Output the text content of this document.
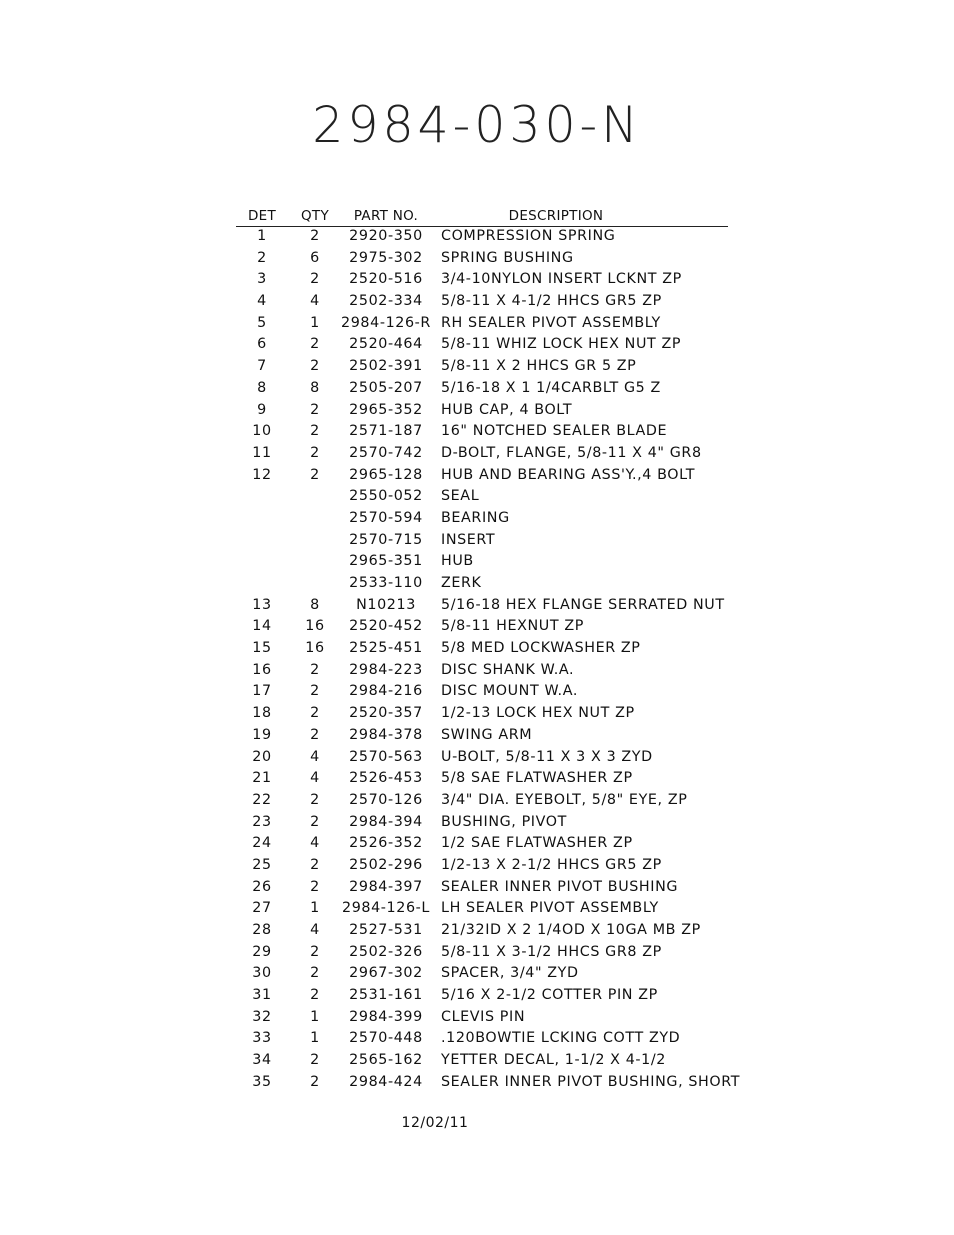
2984-030-N
DET	QTY	PART NO.	DESCRIPTION
1	2	2920-350	COMPRESSION SPRING
2	6	2975-302	SPRING BUSHING
3	2	2520-516	3/4-10NYLON INSERT LCKNT ZP
4	4	2502-334	5/8-11 X 4-1/2 HHCS GR5 ZP
5	1	2984-126-R RH SEALER PIVOT ASSEMBLY
6	2	2520-464	5/8-11 WHIZ LOCK HEX NUT ZP
7	2	2502-391	5/8-11 X 2 HHCS GR 5 ZP
8	8	2505-207	5/16-18 X 1 1/4CARBLT G5 Z
9	2	2965-352	HUB CAP, 4 BOLT
10	2	2571-187	16" NOTCHED SEALER BLADE
11	2	2570-742	D-BOLT, FLANGE, 5/8-11 X 4" GR8
12	2	2965-128	HUB AND BEARING ASS'Y.,4 BOLT
2550-052	SEAL
2570-594	BEARING
2570-715	INSERT
2965-351	HUB
2533-110	ZERK
13	8	N10213	5/16-18 HEX FLANGE SERRATED NUT
14	16	2520-452	5/8-11 HEXNUT ZP
15	16	2525-451	5/8 MED LOCKWASHER ZP
16	2	2984-223	DISC SHANK W.A.
17	2	2984-216	DISC MOUNT W.A.
18	2	2520-357	1/2-13 LOCK HEX NUT ZP
19	2	2984-378	SWING ARM
20	4	2570-563	U-BOLT, 5/8-11 X 3 X 3 ZYD
21	4	2526-453	5/8 SAE FLATWASHER ZP
22	2	2570-126	3/4" DIA. EYEBOLT, 5/8" EYE, ZP
23	2	2984-394	BUSHING, PIVOT
24	4	2526-352	1/2 SAE FLATWASHER ZP
25	2	2502-296	1/2-13 X 2-1/2 HHCS GR5 ZP
26	2	2984-397	SEALER INNER PIVOT BUSHING
27	1	2984-126-L LH SEALER PIVOT ASSEMBLY
28	4	2527-531	21/32ID X 2 1/4OD X 10GA MB ZP
29	2	2502-326	5/8-11 X 3-1/2 HHCS GR8 ZP
30	2	2967-302	SPACER, 3/4" ZYD
31	2	2531-161	5/16 X 2-1/2 COTTER PIN ZP
32	1	2984-399	CLEVIS PIN
33	1	2570-448	.120BOWTIE LCKING COTT ZYD
34	2	2565-162	YETTER DECAL, 1-1/2 X 4-1/2
35	2	2984-424	SEALER INNER PIVOT BUSHING, SHORT
12/02/11
